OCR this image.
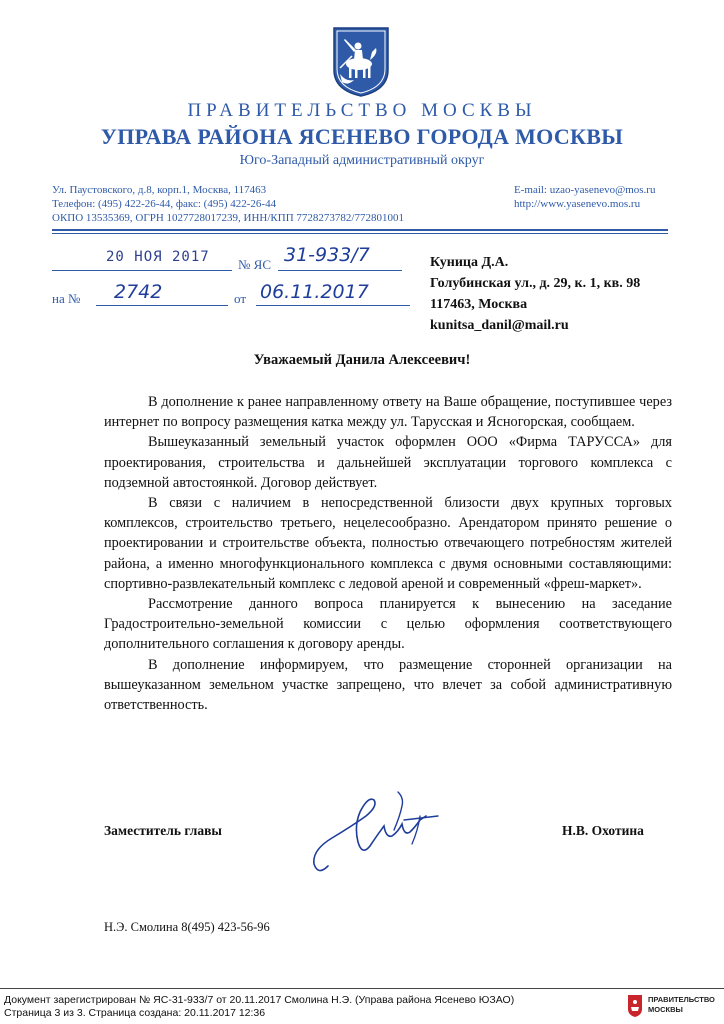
ПРАВИТЕЛЬСТВО МОСКВЫ
УПРАВА РАЙОНА ЯСЕНЕВО ГОРОДА МОСКВЫ
Юго-Западный административный округ
Ул. Паустовского, д.8, корп.1, Москва, 117463
Телефон: (495) 422-26-44, факс: (495) 422-26-44
ОКПО 13535369, ОГРН 1027728017239, ИНН/КПП 7728273782/772801001
E-mail: uzao-yasenevo@mos.ru
http://www.yasenevo.mos.ru
20 НОЯ 2017 № ЯС 31-933/7
на № 2742	от 06.11.2017
Куница Д.А.
Голубинская ул., д. 29, к. 1, кв. 98
117463, Москва
kunitsa_danil@mail.ru
Уважаемый Данила Алексеевич!

В дополнение к ранее направленному ответу на Ваше обращение, поступившее через интернет по вопросу размещения катка между ул. Тарусская и Ясногорская, сообщаем.

Вышеуказанный земельный участок оформлен ООО «Фирма ТАРУССА» для проектирования, строительства и дальнейшей эксплуатации торгового комплекса с подземной автостоянкой. Договор действует.

В связи с наличием в непосредственной близости двух крупных торговых комплексов, строительство третьего, нецелесообразно. Арендатором принято решение о проектировании и строительстве объекта, полностью отвечающего потребностям жителей района, а именно многофункционального комплекса с двумя основными составляющими: спортивно-развлекательный комплекс с ледовой ареной и современный «фреш-маркет».

Рассмотрение данного вопроса планируется к вынесению на заседание Градостроительно-земельной комиссии с целью оформления соответствующего дополнительного соглашения к договору аренды.

В дополнение информируем, что размещение сторонней организации на вышеуказанном земельном участке запрещено, что влечет за собой административную ответственность.

Заместитель главы	Н.В. Охотина
Н.Э. Смолина 8(495) 423-56-96
Документ зарегистрирован № ЯС-31-933/7 от 20.11.2017 Смолина Н.Э. (Управа района Ясенево ЮЗАО)
Страница 3 из 3. Страница создана: 20.11.2017 12:36
ПРАВИТЕЛЬСТВО
МОСКВЫ
